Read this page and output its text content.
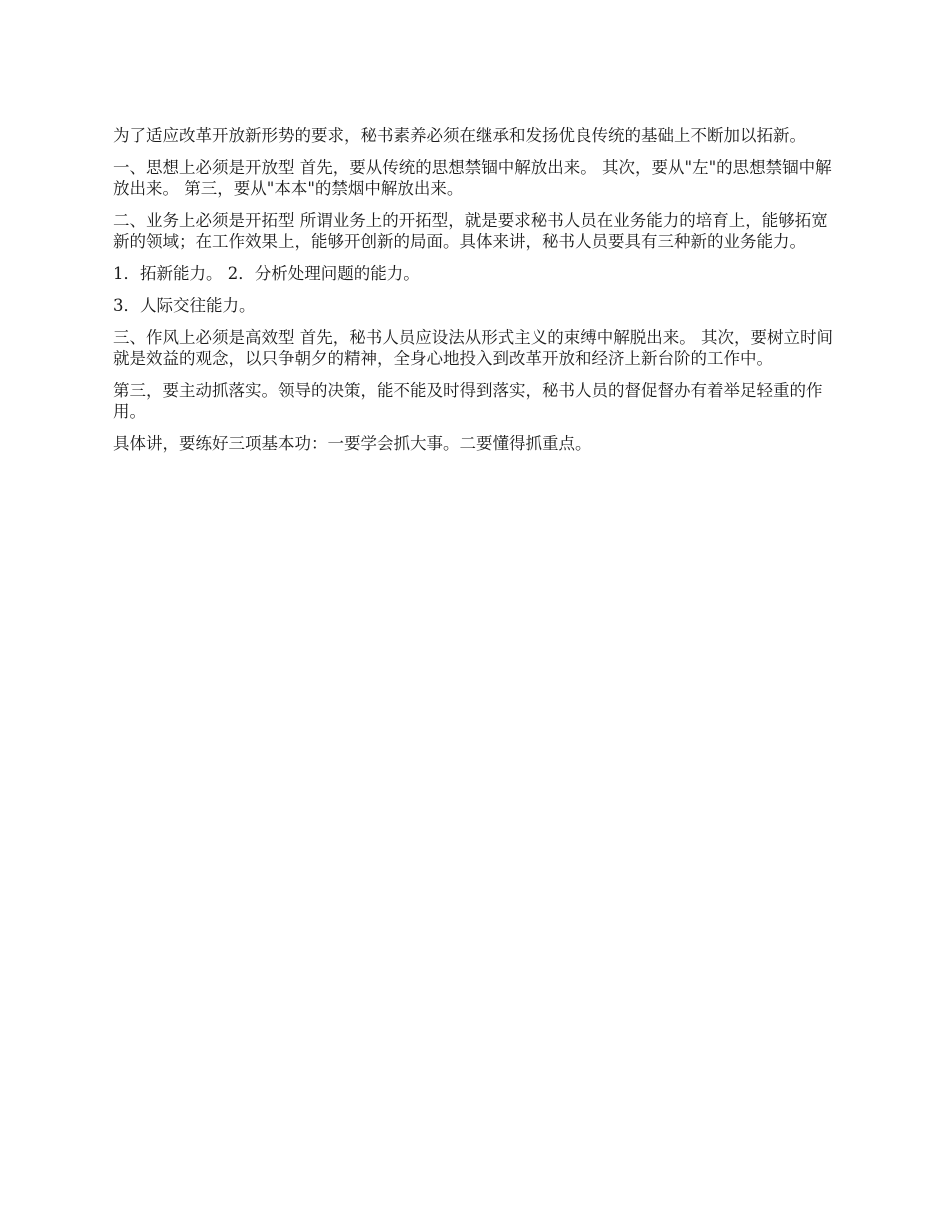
为了适应改革开放新形势的要求，秘书素养必须在继承和发扬优良传统的基础上不断加以拓新。

一、思想上必须是开放型 首先，要从传统的思想禁锢中解放出来。 其次，要从"左"的思想禁锢中解放出来。 第三，要从"本本"的禁烟中解放出来。

二、业务上必须是开拓型 所谓业务上的开拓型，就是要求秘书人员在业务能力的培育上，能够拓宽新的领域；在工作效果上，能够开创新的局面。具体来讲，秘书人员要具有三种新的业务能力。

1．拓新能力。 2．分析处理问题的能力。

3．人际交往能力。

三、作风上必须是高效型 首先，秘书人员应设法从形式主义的束缚中解脱出来。 其次，要树立时间就是效益的观念，以只争朝夕的精神，全身心地投入到改革开放和经济上新台阶的工作中。

第三，要主动抓落实。领导的决策，能不能及时得到落实，秘书人员的督促督办有着举足轻重的作用。

具体讲，要练好三项基本功：一要学会抓大事。二要懂得抓重点。
